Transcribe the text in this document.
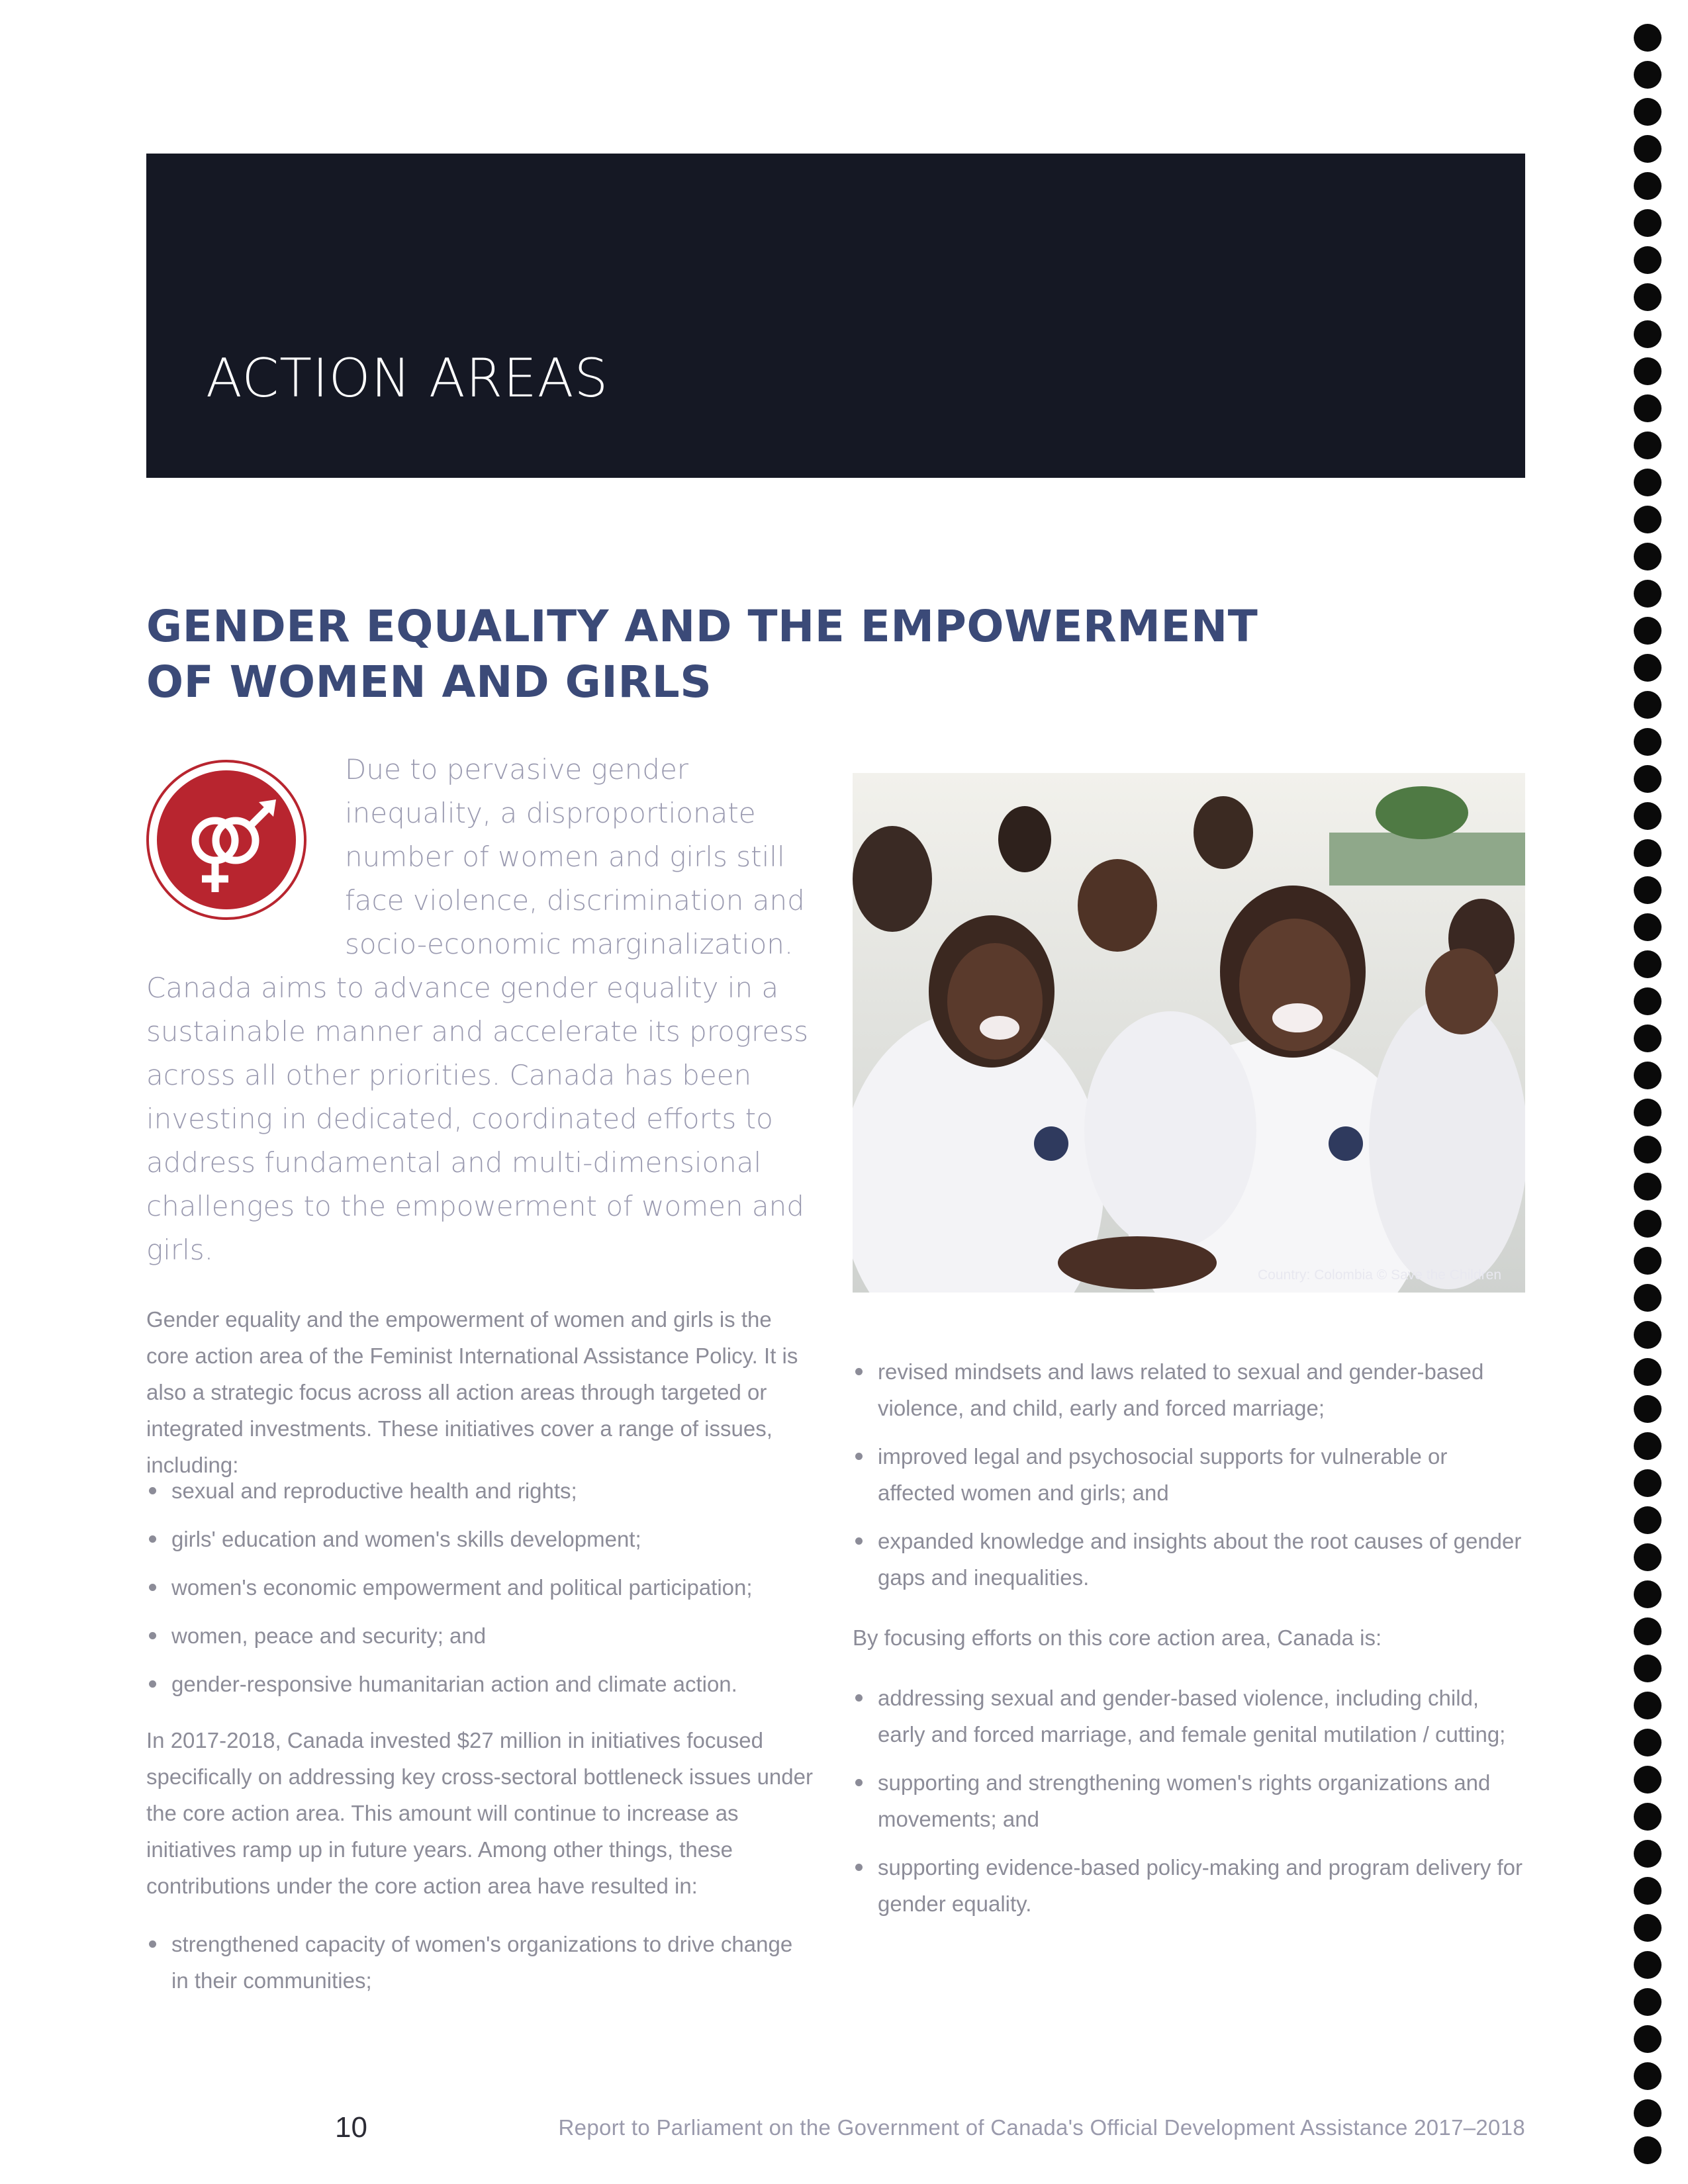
ACTION AREAS
GENDER EQUALITY AND THE EMPOWERMENT
OF WOMEN AND GIRLS

Due to pervasive gender inequality, a disproportionate number of women and girls still face violence, discrimination and socio-economic marginalization. Canada aims to advance gender equality in a sustainable manner and accelerate its progress across all other priorities. Canada has been investing in dedicated, coordinated efforts to address fundamental and multi-dimensional challenges to the empowerment of women and girls.

Gender equality and the empowerment of women and girls is the core action area of the Feminist International Assistance Policy. It is also a strategic focus across all action areas through targeted or integrated investments. These initiatives cover a range of issues, including:

sexual and reproductive health and rights;
girls' education and women's skills development;
women's economic empowerment and political participation;
women, peace and security; and
gender-responsive humanitarian action and climate action.

In 2017-2018, Canada invested $27 million in initiatives focused specifically on addressing key cross-sectoral bottleneck issues under the core action area. This amount will continue to increase as initiatives ramp up in future years. Among other things, these contributions under the core action area have resulted in:

strengthened capacity of women's organizations to drive change in their communities;
Country: Colombia © Save the Children
revised mindsets and laws related to sexual and gender-based violence, and child, early and forced marriage;
improved legal and psychosocial supports for vulnerable or affected women and girls; and
expanded knowledge and insights about the root causes of gender gaps and inequalities.

By focusing efforts on this core action area, Canada is:

addressing sexual and gender-based violence, including child, early and forced marriage, and female genital mutilation / cutting;
supporting and strengthening women's rights organizations and movements; and
supporting evidence-based policy-making and program delivery for gender equality.
10	Report to Parliament on the Government of Canada's Official Development Assistance 2017–2018
